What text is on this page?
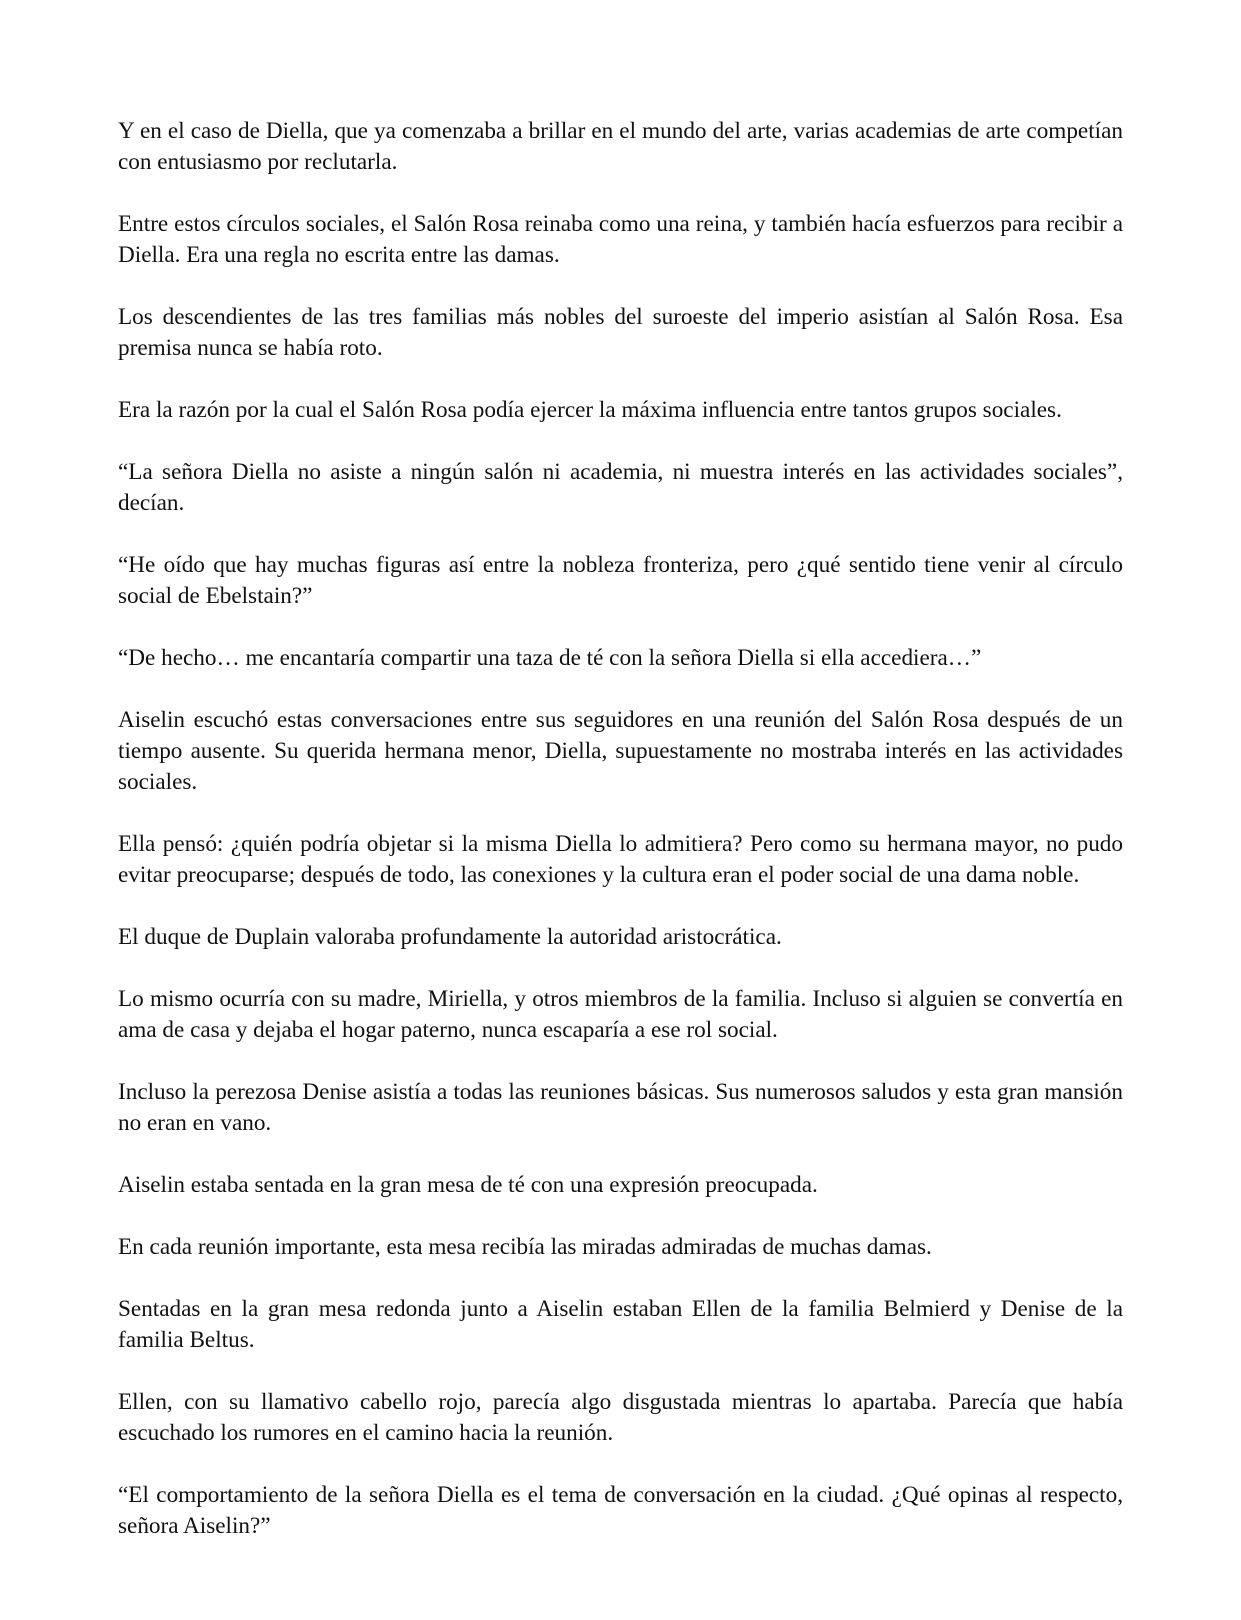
Y en el caso de Diella, que ya comenzaba a brillar en el mundo del arte, varias academias de arte competían con entusiasmo por reclutarla.

Entre estos círculos sociales, el Salón Rosa reinaba como una reina, y también hacía esfuerzos para recibir a Diella. Era una regla no escrita entre las damas.

Los descendientes de las tres familias más nobles del suroeste del imperio asistían al Salón Rosa. Esa premisa nunca se había roto.

Era la razón por la cual el Salón Rosa podía ejercer la máxima influencia entre tantos grupos sociales.

“La señora Diella no asiste a ningún salón ni academia, ni muestra interés en las actividades sociales”, decían.

“He oído que hay muchas figuras así entre la nobleza fronteriza, pero ¿qué sentido tiene venir al círculo social de Ebelstain?”

“De hecho… me encantaría compartir una taza de té con la señora Diella si ella accediera…”

Aiselin escuchó estas conversaciones entre sus seguidores en una reunión del Salón Rosa después de un tiempo ausente. Su querida hermana menor, Diella, supuestamente no mostraba interés en las actividades sociales.

Ella pensó: ¿quién podría objetar si la misma Diella lo admitiera? Pero como su hermana mayor, no pudo evitar preocuparse; después de todo, las conexiones y la cultura eran el poder social de una dama noble.

El duque de Duplain valoraba profundamente la autoridad aristocrática.

Lo mismo ocurría con su madre, Miriella, y otros miembros de la familia. Incluso si alguien se convertía en ama de casa y dejaba el hogar paterno, nunca escaparía a ese rol social.

Incluso la perezosa Denise asistía a todas las reuniones básicas. Sus numerosos saludos y esta gran mansión no eran en vano.

Aiselin estaba sentada en la gran mesa de té con una expresión preocupada.

En cada reunión importante, esta mesa recibía las miradas admiradas de muchas damas.

Sentadas en la gran mesa redonda junto a Aiselin estaban Ellen de la familia Belmierd y Denise de la familia Beltus.

Ellen, con su llamativo cabello rojo, parecía algo disgustada mientras lo apartaba. Parecía que había escuchado los rumores en el camino hacia la reunión.

“El comportamiento de la señora Diella es el tema de conversación en la ciudad. ¿Qué opinas al respecto, señora Aiselin?”
